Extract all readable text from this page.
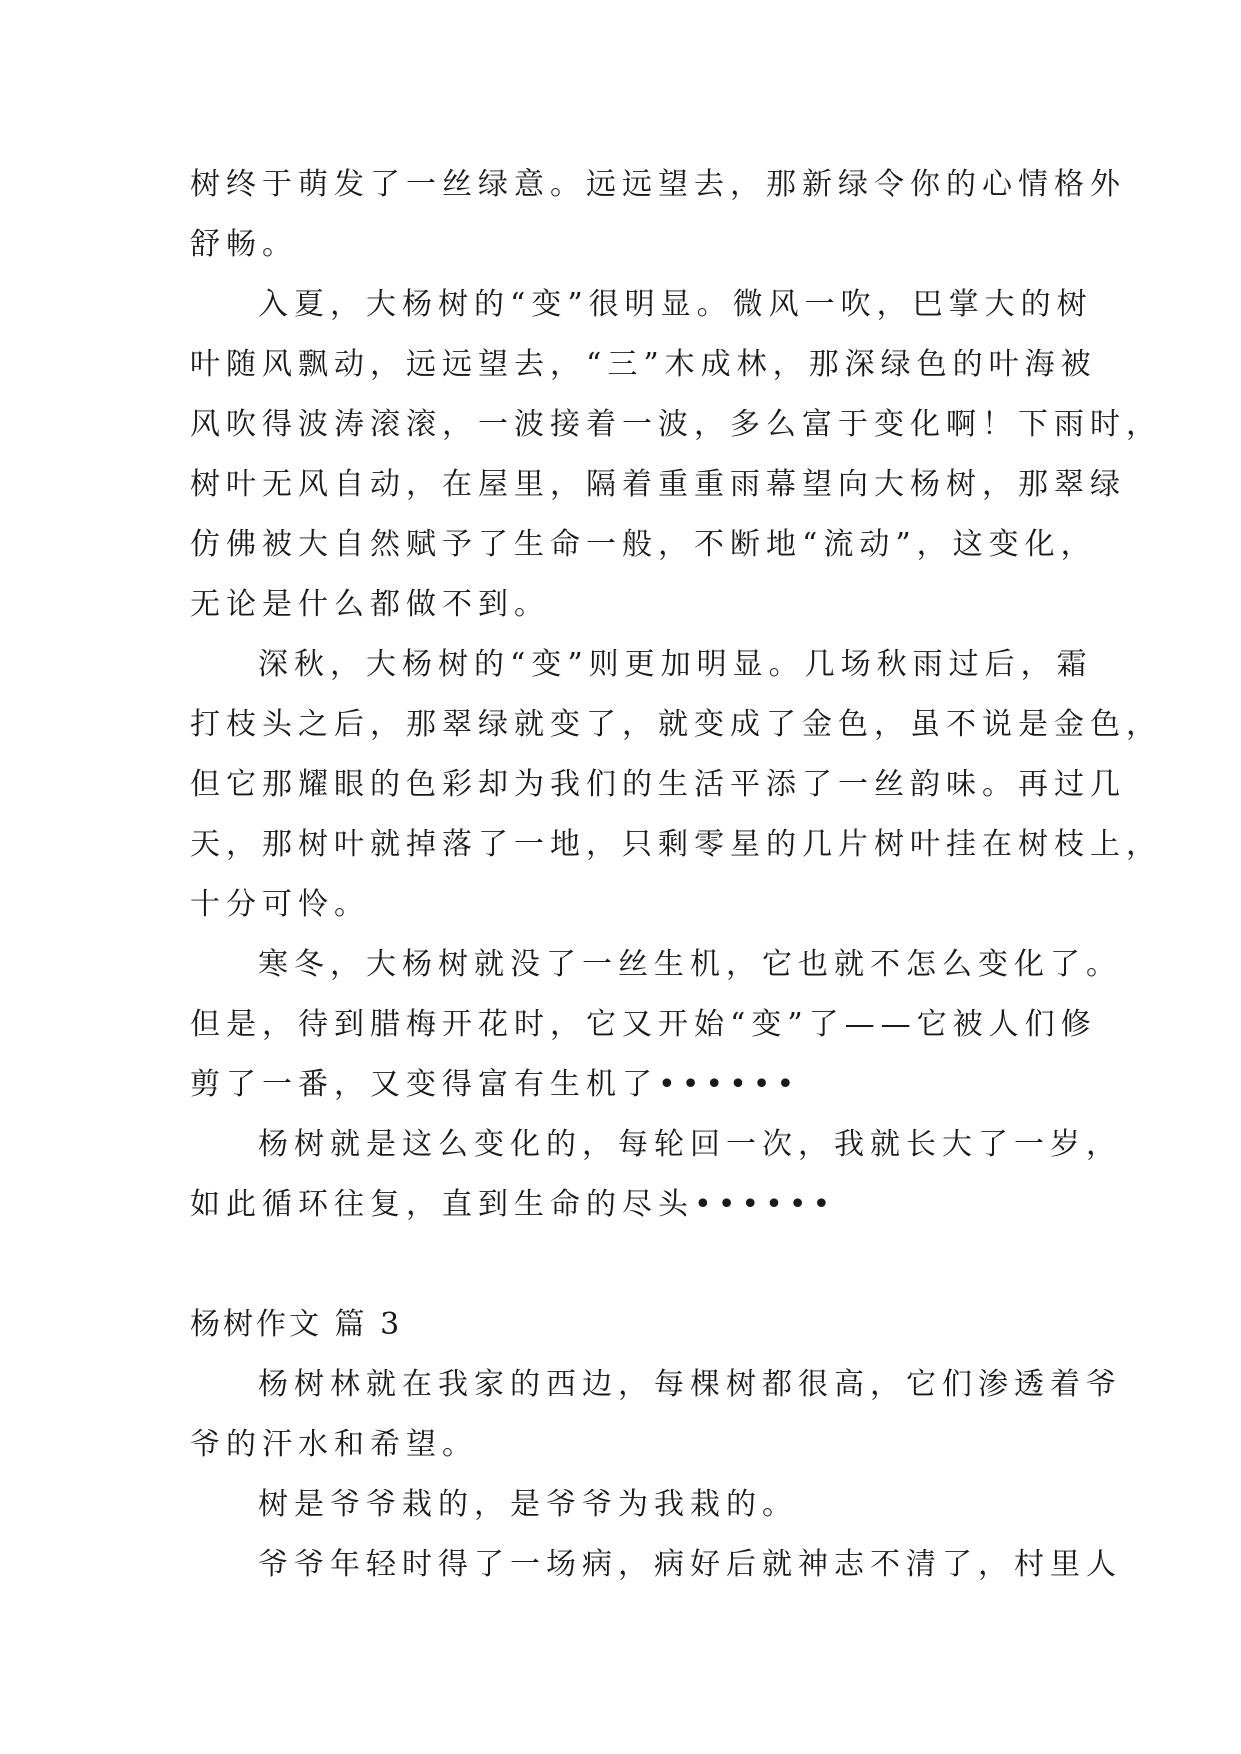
树终于萌发了一丝绿意。远远望去，那新绿令你的心情格外
舒畅。
入夏，大杨树的“变”很明显。微风一吹，巴掌大的树
叶随风飘动，远远望去，“三”木成林，那深绿色的叶海被
风吹得波涛滚滚，一波接着一波，多么富于变化啊！下雨时，
树叶无风自动，在屋里，隔着重重雨幕望向大杨树，那翠绿
仿佛被大自然赋予了生命一般，不断地“流动”，这变化，
无论是什么都做不到。
深秋，大杨树的“变”则更加明显。几场秋雨过后，霜
打枝头之后，那翠绿就变了，就变成了金色，虽不说是金色，
但它那耀眼的色彩却为我们的生活平添了一丝韵味。再过几
天，那树叶就掉落了一地，只剩零星的几片树叶挂在树枝上，
十分可怜。
寒冬，大杨树就没了一丝生机，它也就不怎么变化了。
但是，待到腊梅开花时，它又开始“变”了——它被人们修
剪了一番，又变得富有生机了••••••
杨树就是这么变化的，每轮回一次，我就长大了一岁，
如此循环往复，直到生命的尽头••••••
杨树作文 篇 3
杨树林就在我家的西边，每棵树都很高，它们渗透着爷
爷的汗水和希望。
树是爷爷栽的，是爷爷为我栽的。
爷爷年轻时得了一场病，病好后就神志不清了，村里人
